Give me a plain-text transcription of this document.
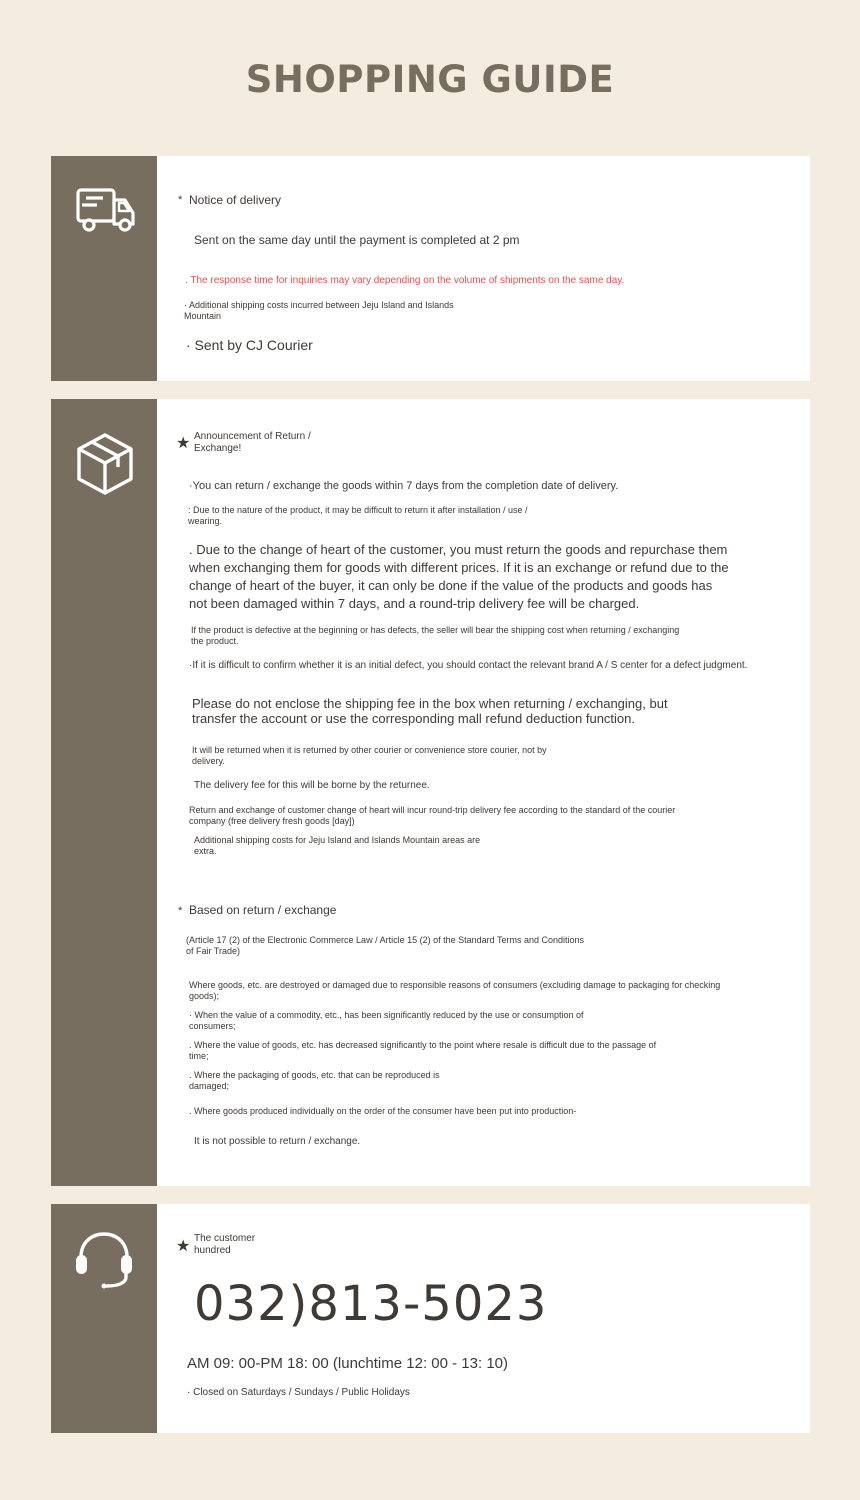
SHOPPING GUIDE
* Notice of delivery
Sent on the same day until the payment is completed at 2 pm
. The response time for inquiries may vary depending on the volume of shipments on the same day.
· Additional shipping costs incurred between Jeju Island and Islands
Mountain
· Sent by CJ Courier
★ Announcement of Return /
Exchange!
·You can return / exchange the goods within 7 days from the completion date of delivery.
: Due to the nature of the product, it may be difficult to return it after installation / use /
wearing.
. Due to the change of heart of the customer, you must return the goods and repurchase them
when exchanging them for goods with different prices. If it is an exchange or refund due to the
change of heart of the buyer, it can only be done if the value of the products and goods has
not been damaged within 7 days, and a round-trip delivery fee will be charged.
If the product is defective at the beginning or has defects, the seller will bear the shipping cost when returning / exchanging
the product.
·If it is difficult to confirm whether it is an initial defect, you should contact the relevant brand A / S center for a defect judgment.
Please do not enclose the shipping fee in the box when returning / exchanging, but
transfer the account or use the corresponding mall refund deduction function.
It will be returned when it is returned by other courier or convenience store courier, not by
delivery.
The delivery fee for this will be borne by the returnee.
Return and exchange of customer change of heart will incur round-trip delivery fee according to the standard of the courier
company (free delivery fresh goods [day])
Additional shipping costs for Jeju Island and Islands Mountain areas are
extra.
* Based on return / exchange
(Article 17 (2) of the Electronic Commerce Law / Article 15 (2) of the Standard Terms and Conditions
of Fair Trade)
Where goods, etc. are destroyed or damaged due to responsible reasons of consumers (excluding damage to packaging for checking
goods);
· When the value of a commodity, etc., has been significantly reduced by the use or consumption of
consumers;
. Where the value of goods, etc. has decreased significantly to the point where resale is difficult due to the passage of
time;
. Where the packaging of goods, etc. that can be reproduced is
damaged;
. Where goods produced individually on the order of the consumer have been put into production-
It is not possible to return / exchange.
★ The customer
hundred
032)813-5023
AM 09: 00-PM 18: 00 (lunchtime 12: 00 - 13: 10)
· Closed on Saturdays / Sundays / Public Holidays
